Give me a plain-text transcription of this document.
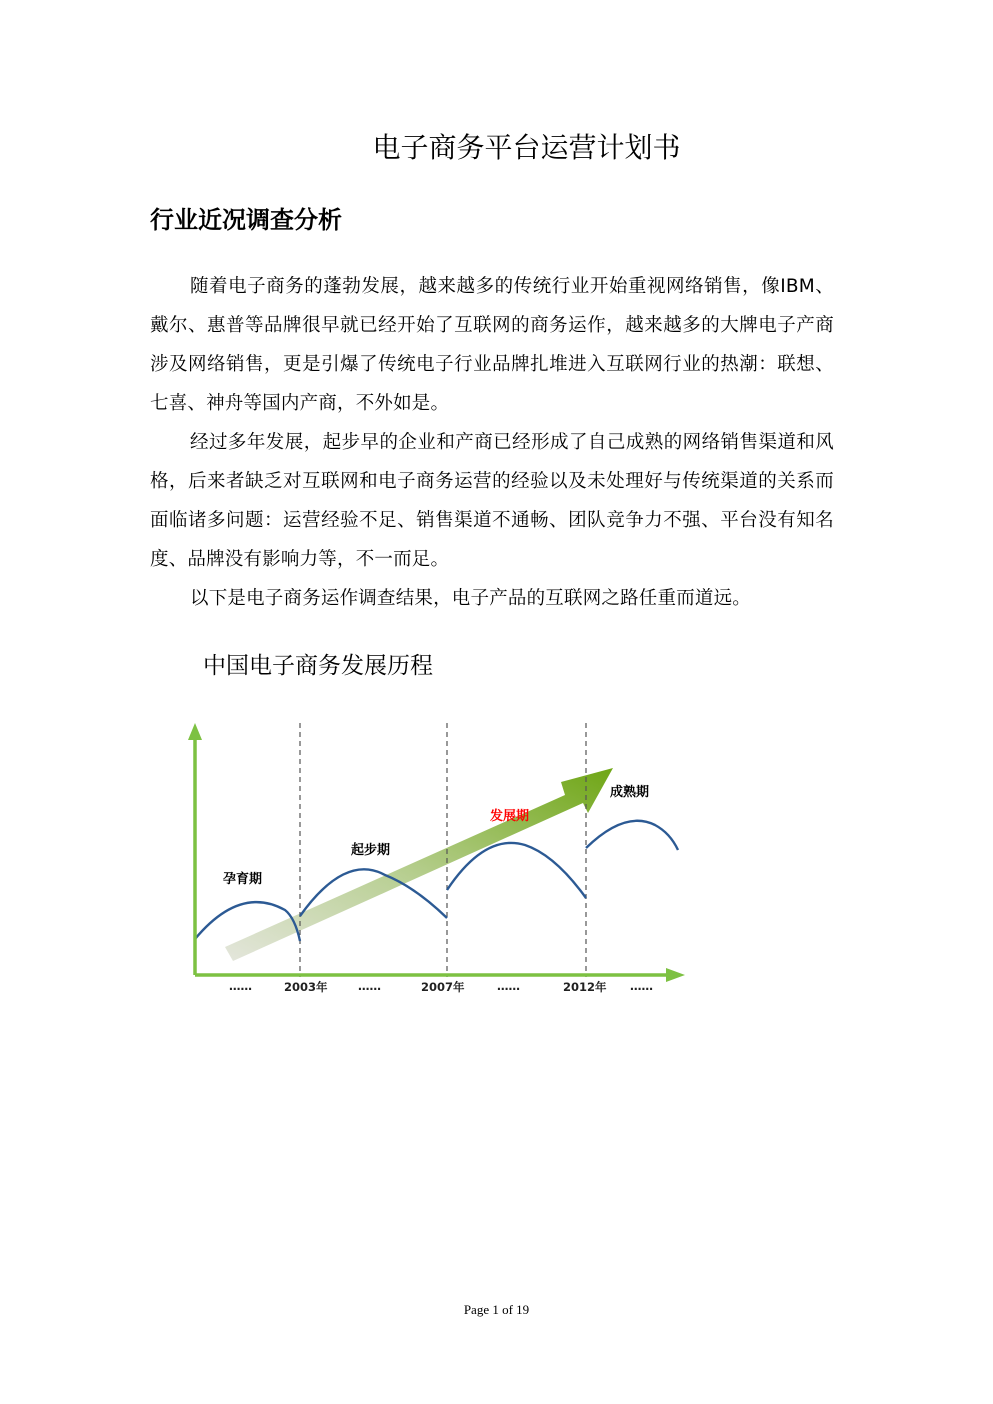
电子商务平台运营计划书
行业近况调查分析
随着电子商务的蓬勃发展，越来越多的传统行业开始重视网络销售，像IBM、戴尔、惠普等品牌很早就已经开始了互联网的商务运作，越来越多的大牌电子产商涉及网络销售，更是引爆了传统电子行业品牌扎堆进入互联网行业的热潮：联想、七喜、神舟等国内产商，不外如是。
经过多年发展，起步早的企业和产商已经形成了自己成熟的网络销售渠道和风格，后来者缺乏对互联网和电子商务运营的经验以及未处理好与传统渠道的关系而面临诸多问题：运营经验不足、销售渠道不通畅、团队竞争力不强、平台没有知名度、品牌没有影响力等，不一而足。
以下是电子商务运作调查结果，电子产品的互联网之路任重而道远。
中国电子商务发展历程
孕育期
起步期
发展期
成熟期
……	2003年	……	2007年	……	2012年 ……
Page 1 of 19
